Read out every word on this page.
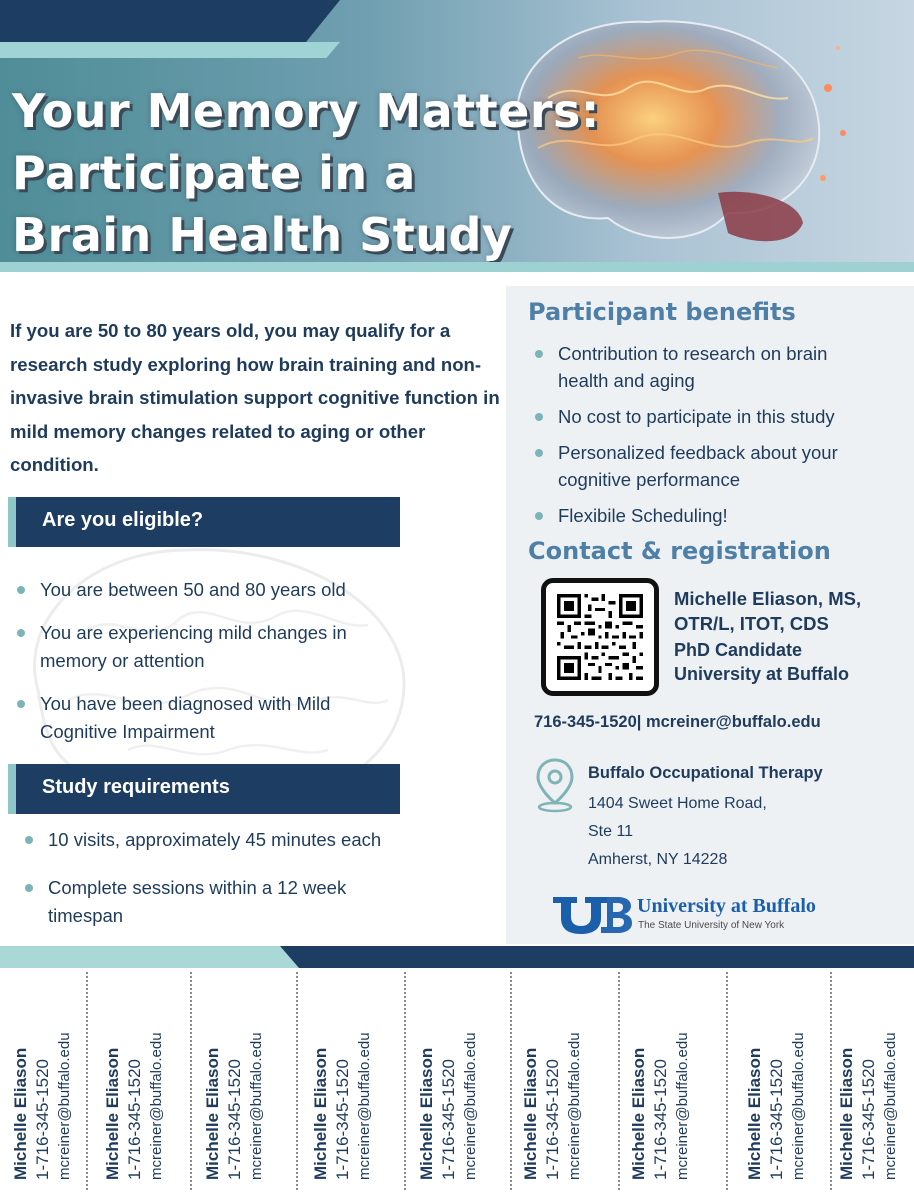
Your Memory Matters:
Participate in a
Brain Health Study

If you are 50 to 80 years old, you may qualify for a research study exploring how brain training and non-invasive brain stimulation support cognitive function in mild memory changes related to aging or other condition.

Are you eligible?
You are between 50 and 80 years old
You are experiencing mild changes in memory or attention
You have been diagnosed with Mild Cognitive Impairment
Study requirements
10 visits, approximately 45 minutes each
Complete sessions within a 12 week timespan
Participant benefits
Contribution to research on brain health and aging
No cost to participate in this study
Personalized feedback about your cognitive performance
Flexibile Scheduling!
Contact & registration
Michelle Eliason, MS, OTR/L, ITOT, CDS
PhD Candidate
University at Buffalo
716-345-1520| mcreiner@buffalo.edu
Buffalo Occupational Therapy
1404 Sweet Home Road,
Ste 11
Amherst, NY 14228
University at Buffalo
The State University of New York
Michelle Eliason 1-716-345-1520 mcreiner@buffalo.edu Michelle Eliason 1-716-345-1520 mcreiner@buffalo.edu Michelle Eliason 1-716-345-1520 mcreiner@buffalo.edu	Michelle Eliason 1-716-345-1520 mcreiner@buffalo.edu	Michelle Eliason 1-716-345-1520 mcreiner@buffalo.edu Michelle Eliason 1-716-345-1520 mcreiner@buffalo.edu	Michelle Eliason 1-716-345-1520 mcreiner@buffalo.edu	Michelle Eliason 1-716-345-1520 mcreiner@buffalo.edu Michelle Eliason 1-716-345-1520 mcreiner@buffalo.edu
